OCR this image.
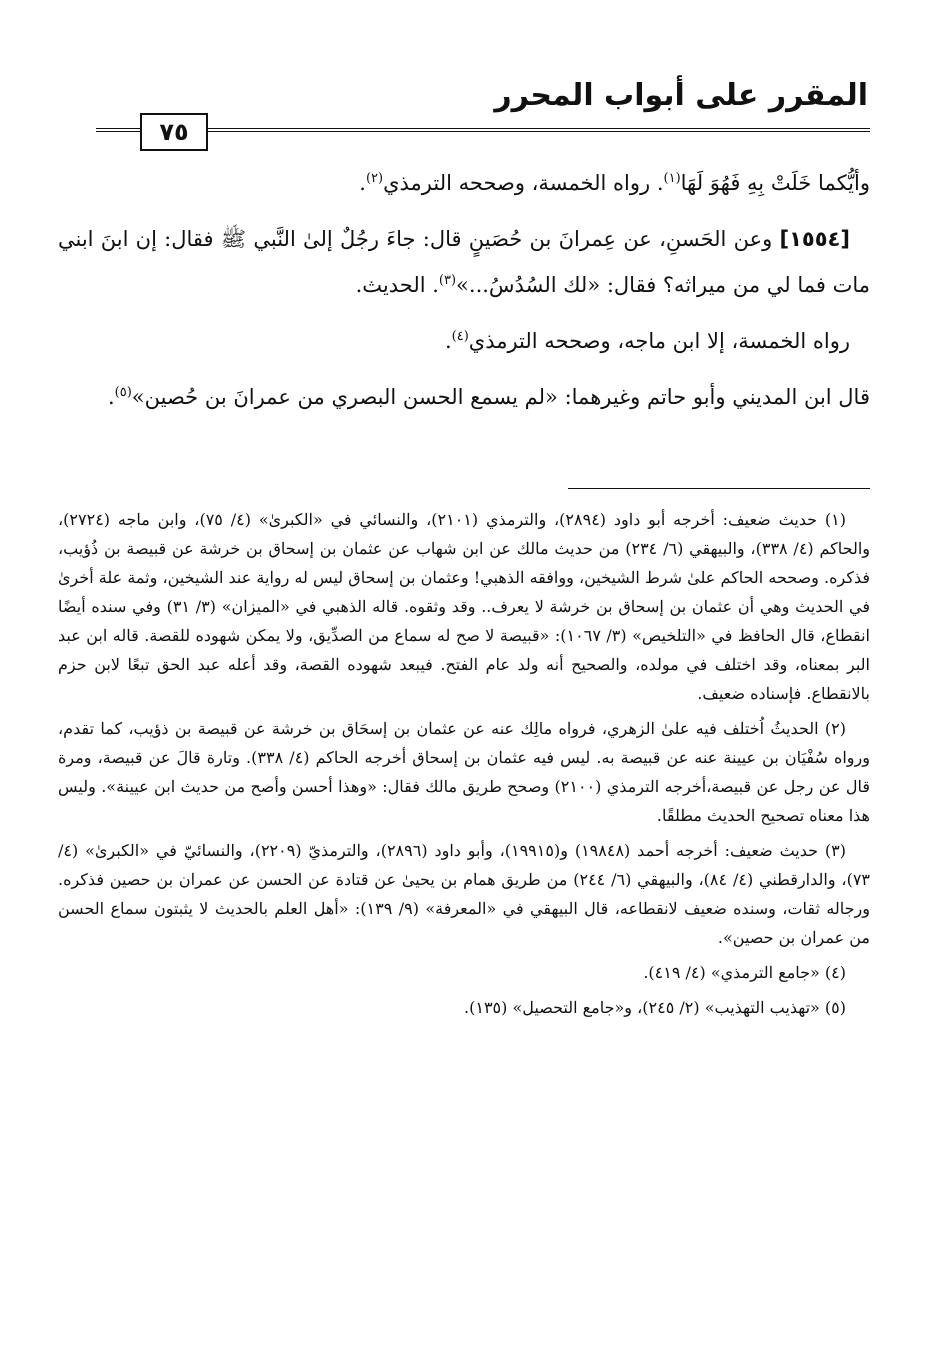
المقرر على أبواب المحرر
٧٥

وأيُّكما خَلَتْ بِهِ فَهُوَ لَهَا$^{(١)}$. رواه الخمسة، وصححه الترمذي$^{(٢)}$.

[١٥٥٤] وعن الحَسنِ، عن عِمرانَ بن حُصَينٍ قال: جاءَ رجُلٌ إلىٰ النَّبي ﷺ فقال: إن ابنَ ابني مات فما لي من ميراثه؟ فقال: «لك السُدُسُ...»$^{(٣)}$. الحديث.

رواه الخمسة، إلا ابن ماجه، وصححه الترمذي$^{(٤)}$.

قال ابن المديني وأبو حاتم وغيرهما: «لم يسمع الحسن البصري من عمرانَ بن حُصين»$^{(٥)}$.

(١) حديث ضعيف: أخرجه أبو داود (٢٨٩٤)، والترمذي (٢١٠١)، والنسائي في «الكبرىٰ» (٤/ ٧٥)، وابن ماجه (٢٧٢٤)، والحاكم (٤/ ٣٣٨)، والبيهقي (٦/ ٢٣٤) من حديث مالك عن ابن شهاب عن عثمان بن إسحاق بن خرشة عن قبيصة بن ذُؤيب، فذكره. وصححه الحاكم علىٰ شرط الشيخين، ووافقه الذهبي! وعثمان بن إسحاق ليس له رواية عند الشيخين، وثمة علة أخرىٰ في الحديث وهي أن عثمان بن إسحاق بن خرشة لا يعرف.. وقد وثقوه. قاله الذهبي في «الميزان» (٣/ ٣١) وفي سنده أيضًا انقطاع، قال الحافظ في «التلخيص» (٣/ ١٠٦٧): «قبيصة لا صح له سماع من الصدِّيق، ولا يمكن شهوده للقصة. قاله ابن عبد البر بمعناه، وقد اختلف في مولده، والصحيح أنه ولد عام الفتح. فيبعد شهوده القصة، وقد أعله عبد الحق تبعًا لابن حزم بالانقطاع. فإسناده ضعيف.

(٢) الحديثُ اُختلف فيه علىٰ الزهري، فرواه مالِك عنه عن عثمان بن إسحَاق بن خرشة عن قبيصة بن ذؤيب، كما تقدم، ورواه سُفْيَان بن عيينة عنه عن قبيصة به. ليس فيه عثمان بن إسحاق أخرجه الحاكم (٤/ ٣٣٨). وتارة قالَ عن قبيصة، ومرة قال عن رجل عن قبيصة،أخرجه الترمذي (٢١٠٠) وصحح طريق مالك فقال: «وهذا أحسن وأصح من حديث ابن عيينة». وليس هذا معناه تصحيح الحديث مطلقًا.

(٣) حديث ضعيف: أخرجه أحمد (١٩٨٤٨) و(١٩٩١٥)، وأبو داود (٢٨٩٦)، والترمذيّ (٢٢٠٩)، والنسائيّ في «الكبرىٰ» (٤/ ٧٣)، والدارقطني (٤/ ٨٤)، والبيهقي (٦/ ٢٤٤) من طريق همام بن يحيىٰ عن قتادة عن الحسن عن عمران بن حصين فذكره. ورجاله ثقات، وسنده ضعيف لانقطاعه، قال البيهقي في «المعرفة» (٩/ ١٣٩): «أهل العلم بالحديث لا يثبتون سماع الحسن من عمران بن حصين».

(٤) «جامع الترمذي» (٤/ ٤١٩).

(٥) «تهذيب التهذيب» (٢/ ٢٤٥)، و«جامع التحصيل» (١٣٥).
